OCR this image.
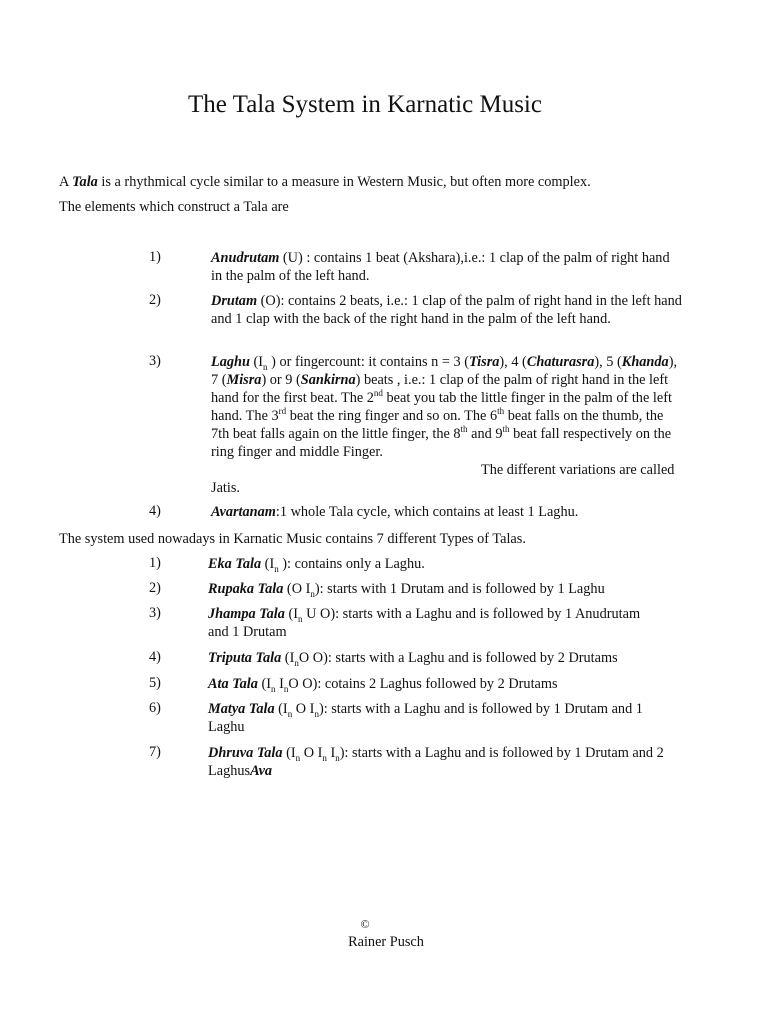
The Tala System in Karnatic Music

A Tala is a rhythmical cycle similar to a measure in Western Music, but often more complex.

The elements which construct a Tala are

1)	Anudrutam (U) : contains 1 beat (Akshara),i.e.: 1 clap of the palm of right hand in the palm of the left hand.
2)	Drutam (O): contains 2 beats, i.e.: 1 clap of the palm of right hand in the left hand and 1 clap with the back of the right hand in the palm of the left hand.
3)	Laghu ($I_n$ ) or fingercount: it contains n = 3 (Tisra), 4 (Chaturasra), 5 (Khanda), 7 (Misra) or 9 (Sankirna) beats , i.e.: 1 clap of the palm of right hand in the left hand for the first beat. The 2nd beat you tab the little finger in the palm of the left hand. The 3rd beat the ring finger and so on. The 6th beat falls on the thumb, the 7th beat falls again on the little finger, the 8th and 9th beat fall respectively on the ring finger and middle Finger.
The different variations are called Jatis.
4)	Avartanam:1 whole Tala cycle, which contains at least 1 Laghu.

The system used nowadays in Karnatic Music contains 7 different Types of Talas.

1)	Eka Tala ($I_n$ ): contains only a Laghu.
2)	Rupaka Tala (O $I_n$): starts with 1 Drutam and is followed by 1 Laghu
3)	Jhampa Tala ($I_n$ U O): starts with a Laghu and is followed by 1 Anudrutam and 1 Drutam
4)	Triputa Tala ($I_nO$ O): starts with a Laghu and is followed by 2 Drutams
5)	Ata Tala ($I_n$ $I_nO$ O): cotains 2 Laghus followed by 2 Drutams
6)	Matya Tala ($I_n$ O $I_n$): starts with a Laghu and is followed by 1 Drutam and 1 Laghu
7)	Dhruva Tala ($I_n$ O $I_n$ $I_n$): starts with a Laghu and is followed by 1 Drutam and 2 LaghusAva
©
Rainer Pusch
